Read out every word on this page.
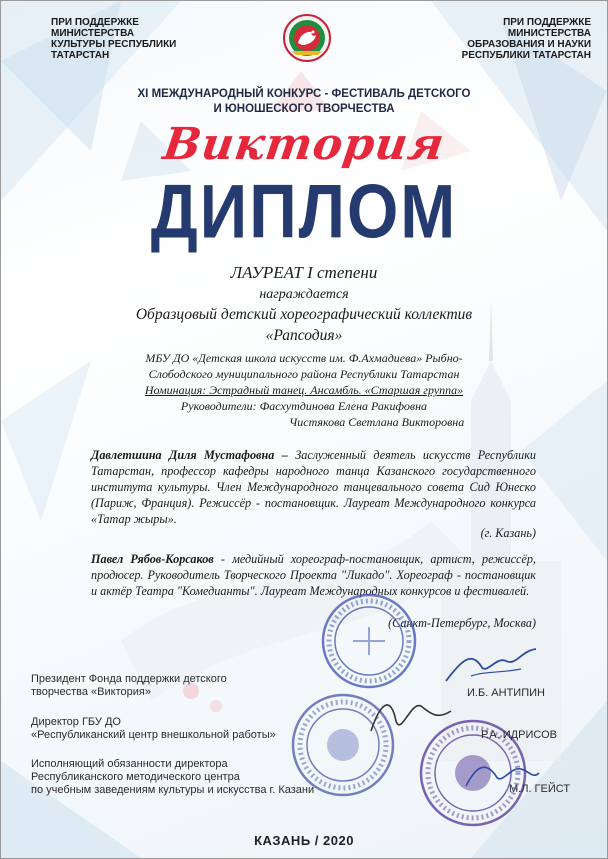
ПРИ ПОДДЕРЖКЕ
МИНИСТЕРСТВА
КУЛЬТУРЫ РЕСПУБЛИКИ
ТАТАРСТАН
ПРИ ПОДДЕРЖКЕ
МИНИСТЕРСТВА
ОБРАЗОВАНИЯ И НАУКИ
РЕСПУБЛИКИ ТАТАРСТАН
XI МЕЖДУНАРОДНЫЙ КОНКУРС - ФЕСТИВАЛЬ ДЕТСКОГО
И ЮНОШЕСКОГО ТВОРЧЕСТВА
Виктория
ДИПЛОМ
ЛАУРЕАТ I степени
награждается
Образцовый детский хореографический коллектив
«Рапсодия»
МБУ ДО «Детская школа искусств им. Ф.Ахмадиева» Рыбно-
Слободского муниципального района Республики Татарстан
Номинация: Эстрадный танец. Ансамбль. «Старшая группа»
Руководители: Фасхутдинова Елена Ракифовна
Чистякова Светлана Викторовна
Давлетшина Диля Мустафовна – Заслуженный деятель искусств Республики Татарстан, профессор кафедры народного танца Казанского государственного института культуры. Член Международного танцевального совета Сид Юнеско (Париж, Франция). Режиссёр - постановщик. Лауреат Международного конкурса «Татар жыры».
(г. Казань)
Павел Рябов-Корсаков - медийный хореограф-постановщик, артист, режиссёр, продюсер. Руководитель Творческого Проекта "Ликадо". Хореограф - постановщик и актёр Театра "Комедианты". Лауреат Международных конкурсов и фестивалей.
(Санкт-Петербург, Москва)
Президент Фонда поддержки детского
творчества «Виктория»	И.Б. АНТИПИН
Директор ГБУ ДО
«Республиканский центр внешкольной работы»	Р.А. ИДРИСОВ
Исполняющий обязанности директора
Республиканского методического центра
по учебным заведениям культуры и искусства г. Казани	М.Л. ГЕЙСТ
КАЗАНЬ / 2020
